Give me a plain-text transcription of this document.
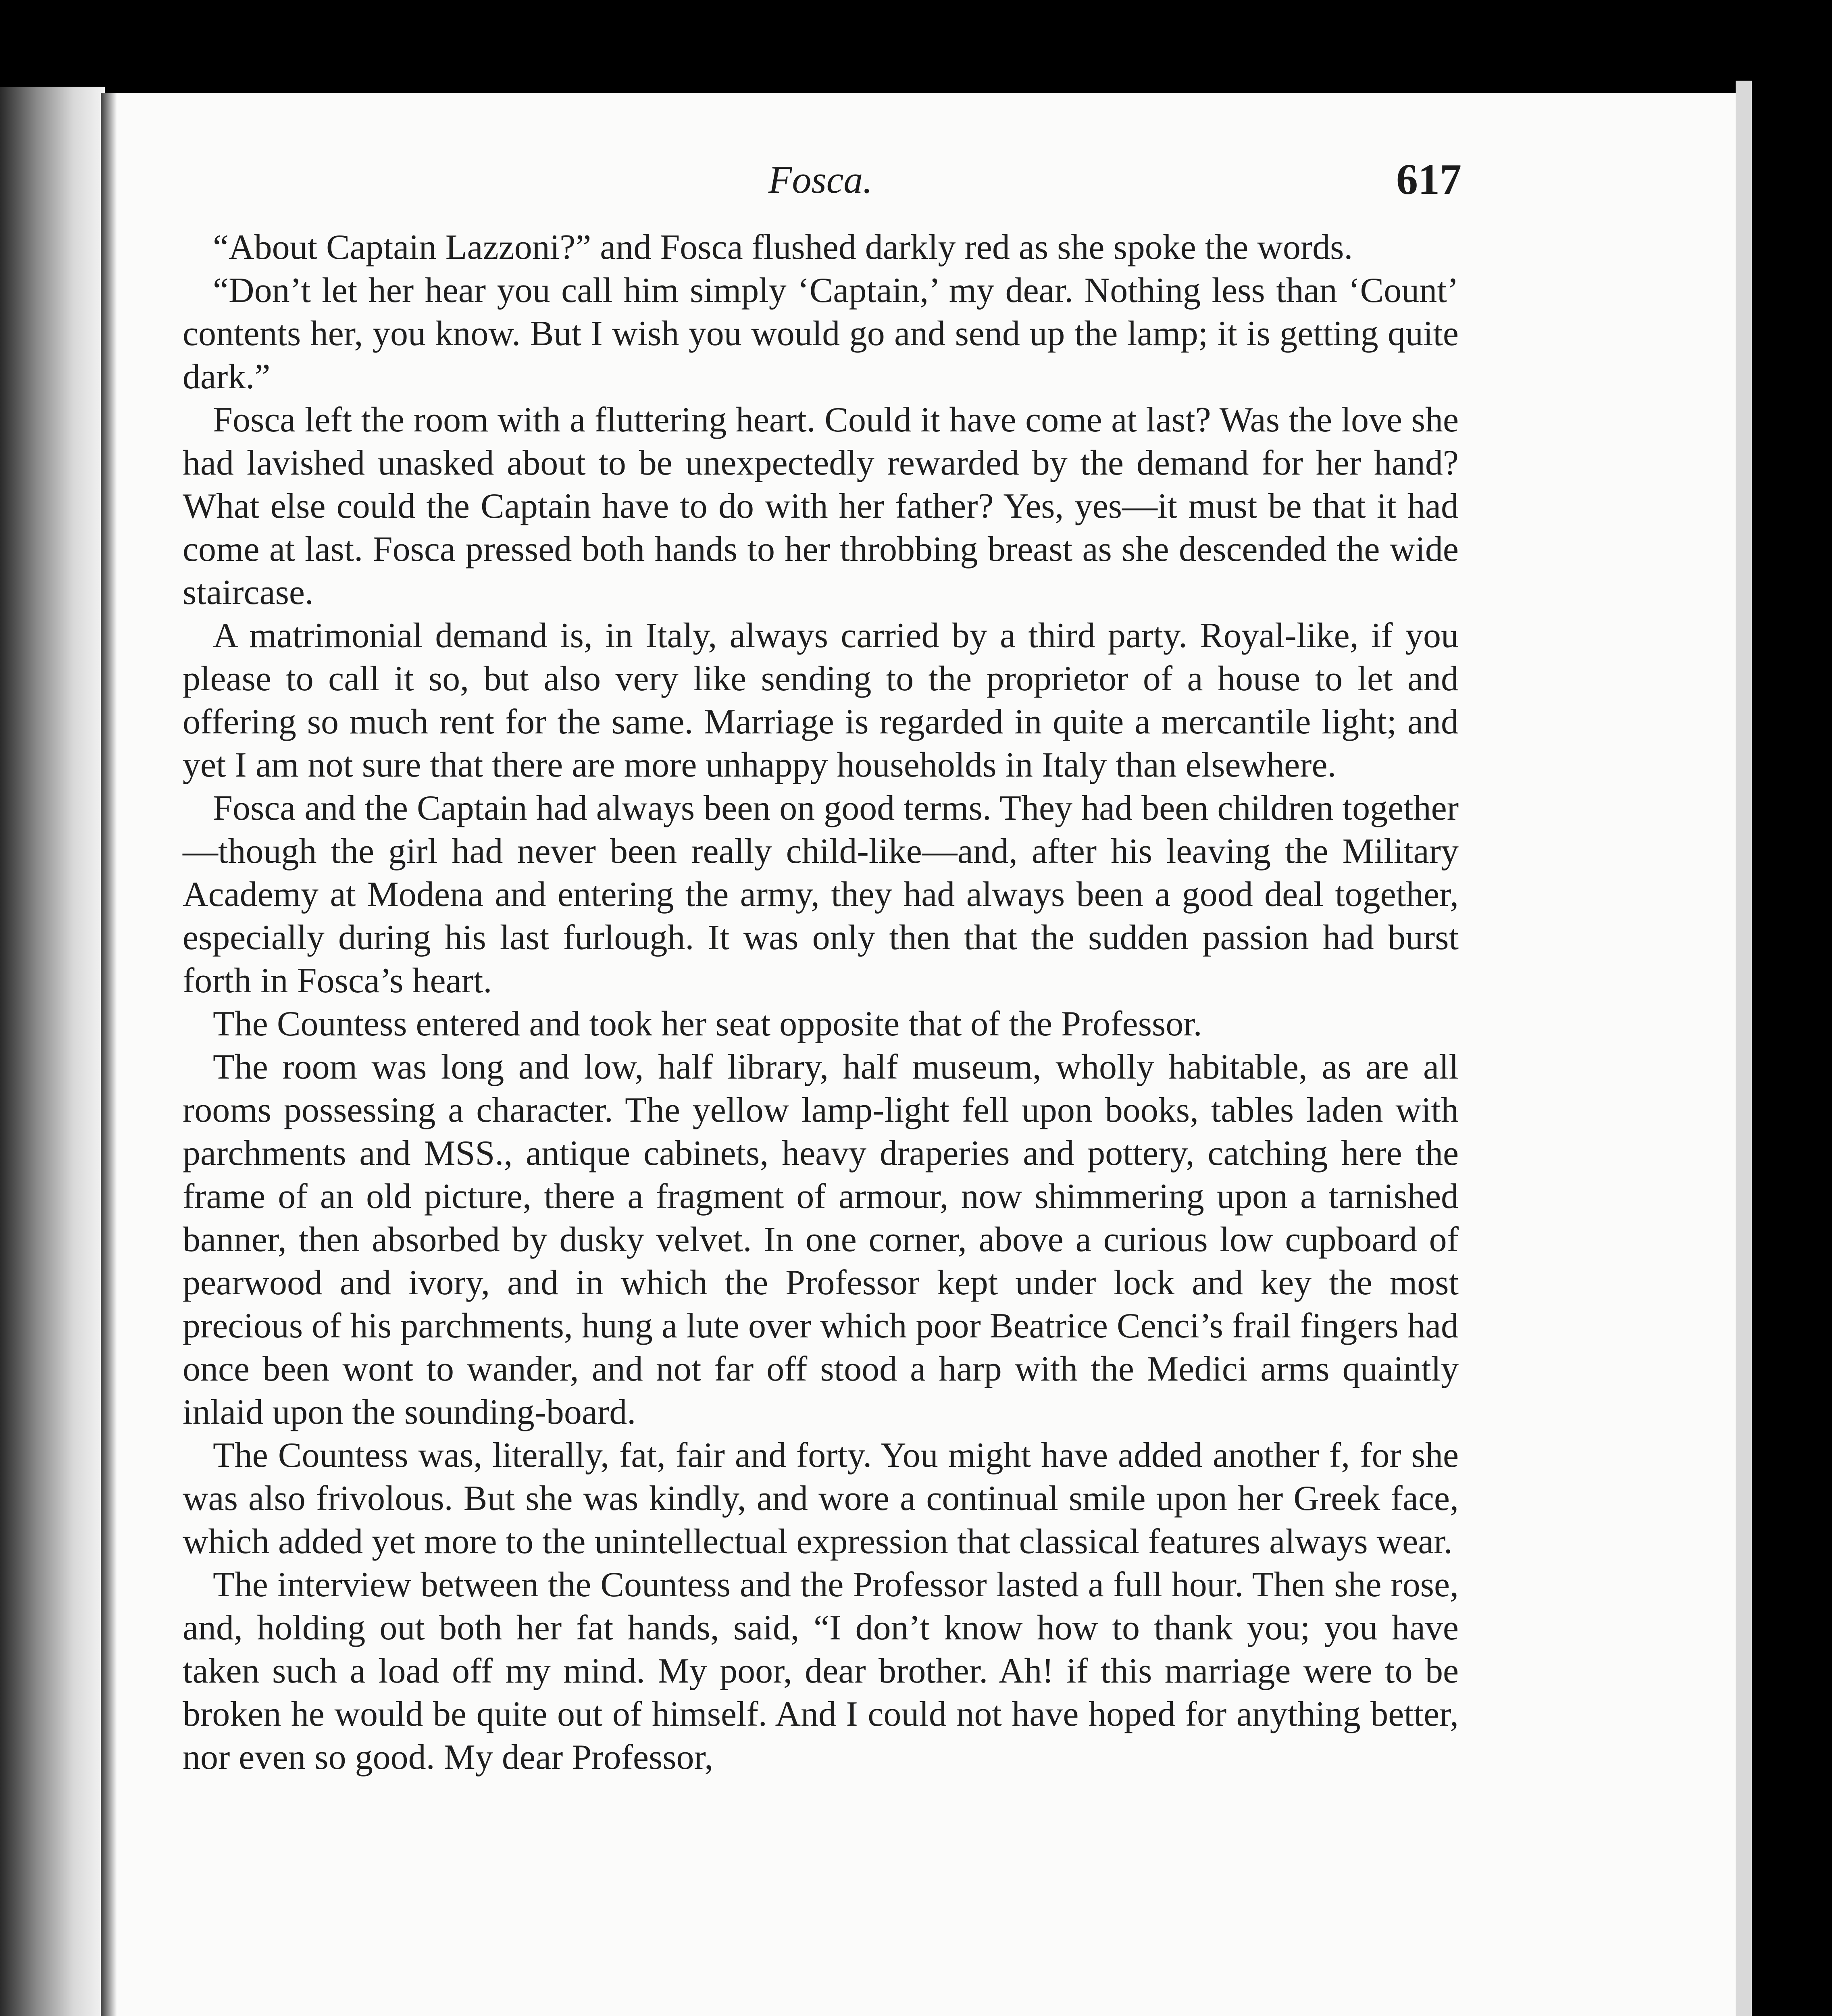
Fosca.	617

“About Captain Lazzoni?” and Fosca flushed darkly red as she spoke the words.

“Don’t let her hear you call him simply ‘Captain,’ my dear. Nothing less than ‘Count’ contents her, you know. But I wish you would go and send up the lamp; it is getting quite dark.”

Fosca left the room with a fluttering heart. Could it have come at last? Was the love she had lavished unasked about to be unexpectedly rewarded by the demand for her hand? What else could the Captain have to do with her father? Yes, yes—it must be that it had come at last. Fosca pressed both hands to her throbbing breast as she descended the wide staircase.

A matrimonial demand is, in Italy, always carried by a third party. Royal-like, if you please to call it so, but also very like sending to the proprietor of a house to let and offering so much rent for the same. Marriage is regarded in quite a mercantile light; and yet I am not sure that there are more unhappy households in Italy than elsewhere.

Fosca and the Captain had always been on good terms. They had been children together—though the girl had never been really child-like—and, after his leaving the Military Academy at Modena and entering the army, they had always been a good deal together, especially during his last furlough. It was only then that the sudden passion had burst forth in Fosca’s heart.

The Countess entered and took her seat opposite that of the Professor.

The room was long and low, half library, half museum, wholly habitable, as are all rooms possessing a character. The yellow lamp-light fell upon books, tables laden with parchments and MSS., antique cabinets, heavy draperies and pottery, catching here the frame of an old picture, there a fragment of armour, now shimmering upon a tarnished banner, then absorbed by dusky velvet. In one corner, above a curious low cupboard of pearwood and ivory, and in which the Professor kept under lock and key the most precious of his parchments, hung a lute over which poor Beatrice Cenci’s frail fingers had once been wont to wander, and not far off stood a harp with the Medici arms quaintly inlaid upon the sounding-board.

The Countess was, literally, fat, fair and forty. You might have added another f, for she was also frivolous. But she was kindly, and wore a continual smile upon her Greek face, which added yet more to the unintellectual expression that classical features always wear.

The interview between the Countess and the Professor lasted a full hour. Then she rose, and, holding out both her fat hands, said, “I don’t know how to thank you; you have taken such a load off my mind. My poor, dear brother. Ah! if this marriage were to be broken he would be quite out of himself. And I could not have hoped for anything better, nor even so good. My dear Professor,
